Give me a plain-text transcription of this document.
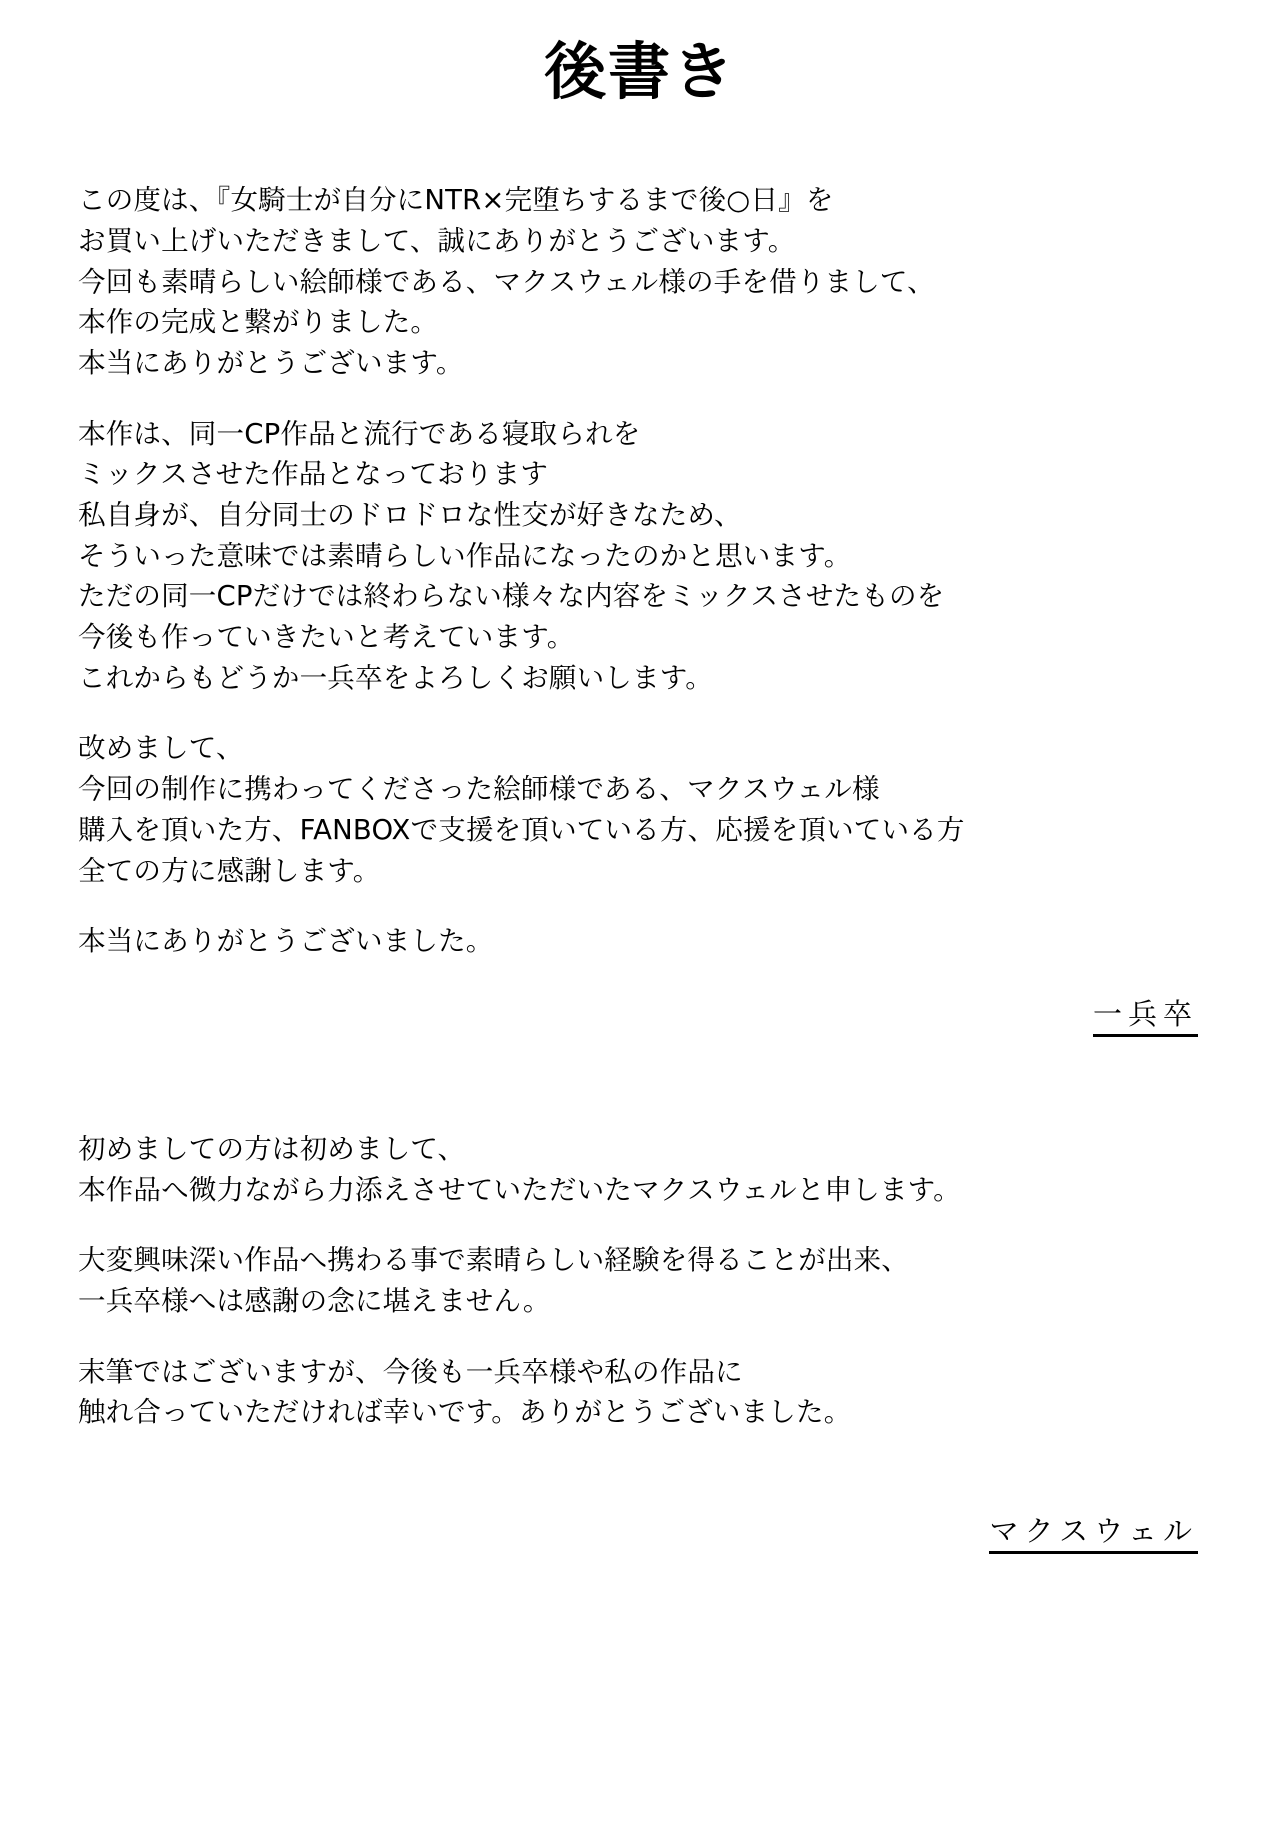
後書き
この度は、『女騎士が自分にNTR×完堕ちするまで後○日』を
お買い上げいただきまして、誠にありがとうございます。
今回も素晴らしい絵師様である、マクスウェル様の手を借りまして、
本作の完成と繋がりました。
本当にありがとうございます。
本作は、同一CP作品と流行である寝取られを
ミックスさせた作品となっております
私自身が、自分同士のドロドロな性交が好きなため、
そういった意味では素晴らしい作品になったのかと思います。
ただの同一CPだけでは終わらない様々な内容をミックスさせたものを
今後も作っていきたいと考えています。
これからもどうか一兵卒をよろしくお願いします。
改めまして、
今回の制作に携わってくださった絵師様である、マクスウェル様
購入を頂いた方、FANBOXで支援を頂いている方、応援を頂いている方
全ての方に感謝します。
本当にありがとうございました。
一兵卒
初めましての方は初めまして、
本作品へ微力ながら力添えさせていただいたマクスウェルと申します。
大変興味深い作品へ携わる事で素晴らしい経験を得ることが出来、
一兵卒様へは感謝の念に堪えません。
末筆ではございますが、今後も一兵卒様や私の作品に
触れ合っていただければ幸いです。ありがとうございました。
マクスウェル
